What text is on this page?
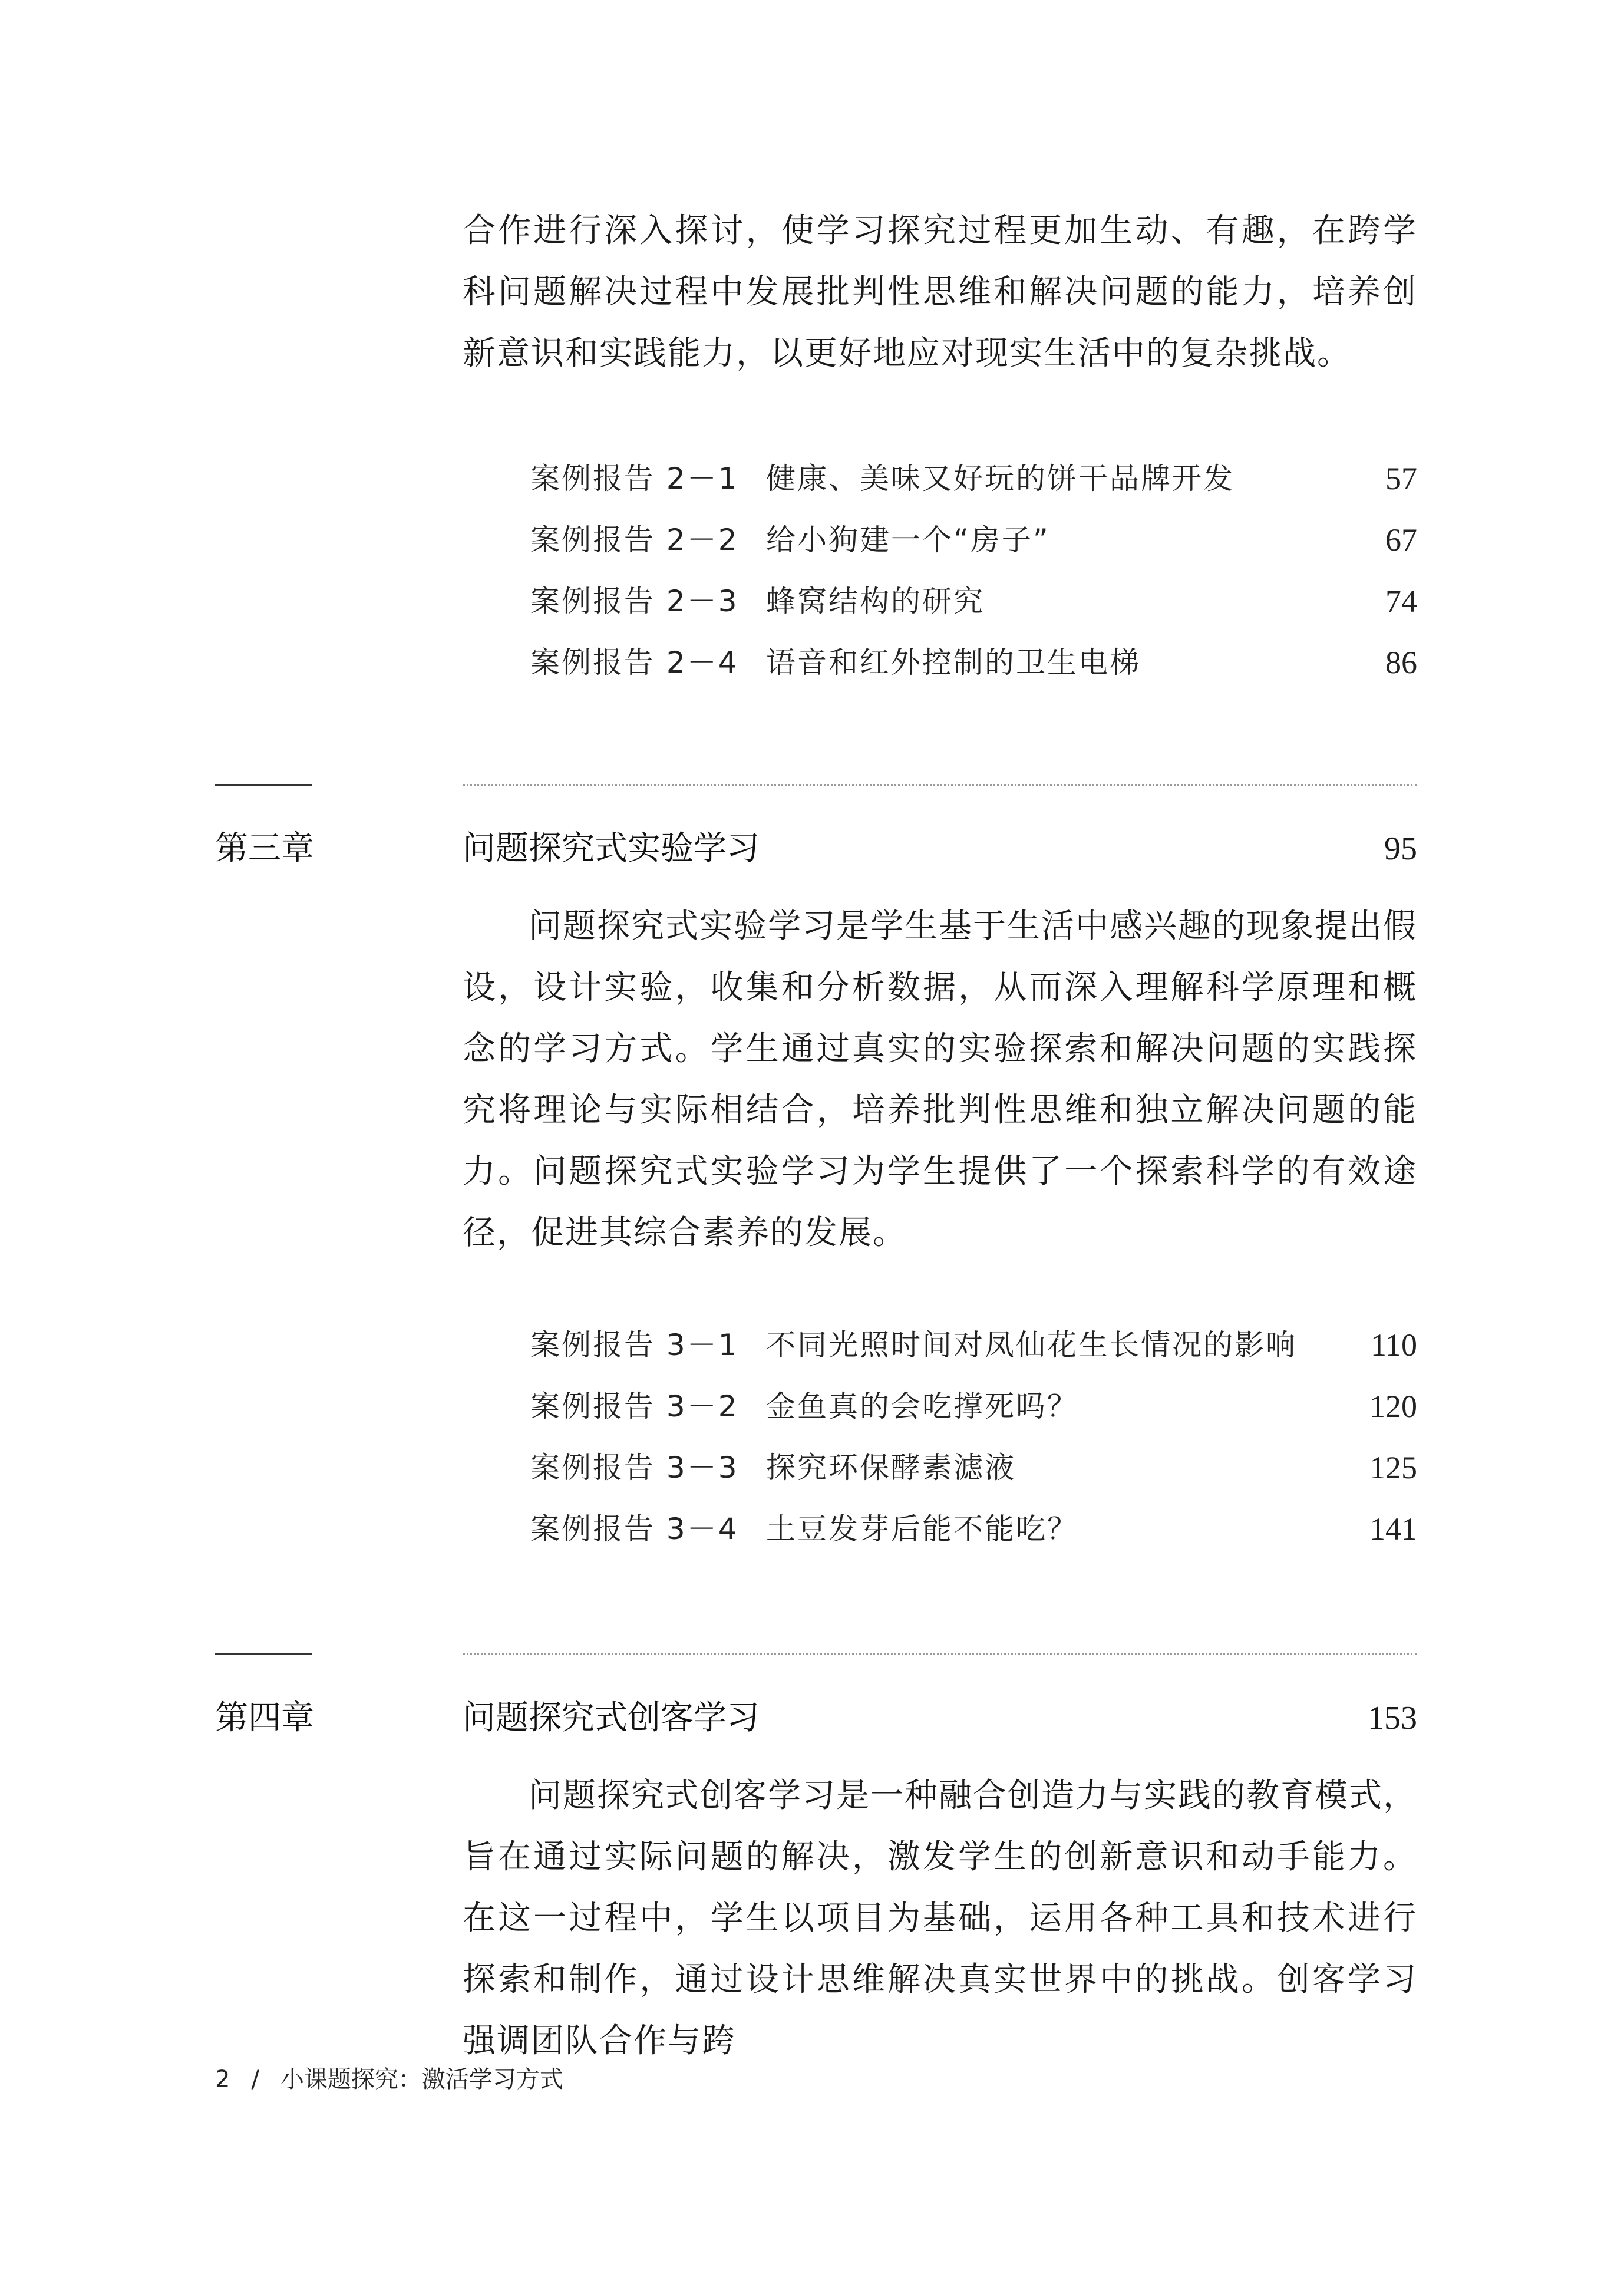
合作进行深入探讨，使学习探究过程更加生动、有趣，在跨学科问题解决过程中发展批判性思维和解决问题的能力，培养创新意识和实践能力，以更好地应对现实生活中的复杂挑战。

案例报告 2－1 健康、美味又好玩的饼干品牌开发	57
案例报告 2－2 给小狗建一个“房子”	67
案例报告 2－3 蜂窝结构的研究	74
案例报告 2－4 语音和红外控制的卫生电梯	86
第三章	问题探究式实验学习	95

问题探究式实验学习是学生基于生活中感兴趣的现象提出假设，设计实验，收集和分析数据，从而深入理解科学原理和概念的学习方式。学生通过真实的实验探索和解决问题的实践探究将理论与实际相结合，培养批判性思维和独立解决问题的能力。问题探究式实验学习为学生提供了一个探索科学的有效途径，促进其综合素养的发展。

案例报告 3－1 不同光照时间对凤仙花生长情况的影响 110
案例报告 3－2 金鱼真的会吃撑死吗？	120
案例报告 3－3 探究环保酵素滤液	125
案例报告 3－4 土豆发芽后能不能吃？	141
第四章	问题探究式创客学习	153

问题探究式创客学习是一种融合创造力与实践的教育模式，旨在通过实际问题的解决，激发学生的创新意识和动手能力。在这一过程中，学生以项目为基础，运用各种工具和技术进行探索和制作，通过设计思维解决真实世界中的挑战。创客学习强调团队合作与跨

2 / 小课题探究：激活学习方式
